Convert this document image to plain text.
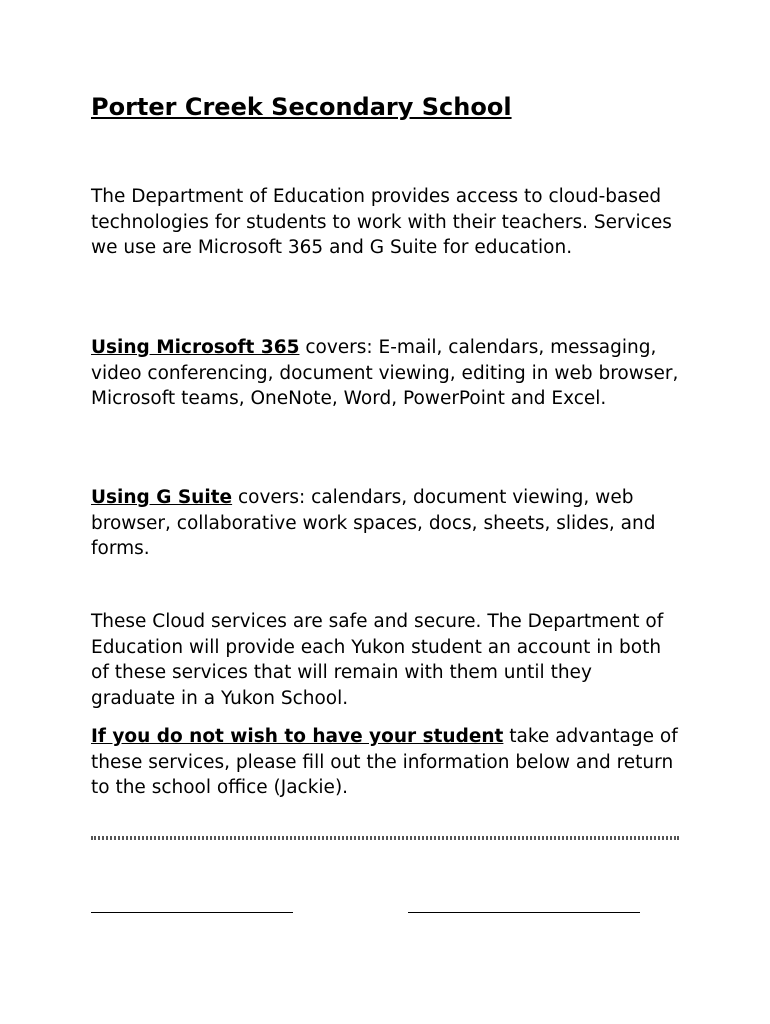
Porter Creek Secondary School

The Department of Education provides access to cloud-based technologies for students to work with their teachers. Services we use are Microsoft 365 and G Suite for education.

Using Microsoft 365 covers: E-mail, calendars, messaging, video conferencing, document viewing, editing in web browser, Microsoft teams, OneNote, Word, PowerPoint and Excel.

Using G Suite covers: calendars, document viewing, web browser, collaborative work spaces, docs, sheets, slides, and forms.

These Cloud services are safe and secure. The Department of Education will provide each Yukon student an account in both of these services that will remain with them until they graduate in a Yukon School.

If you do not wish to have your student take advantage of these services, please fill out the information below and return to the school office (Jackie).
